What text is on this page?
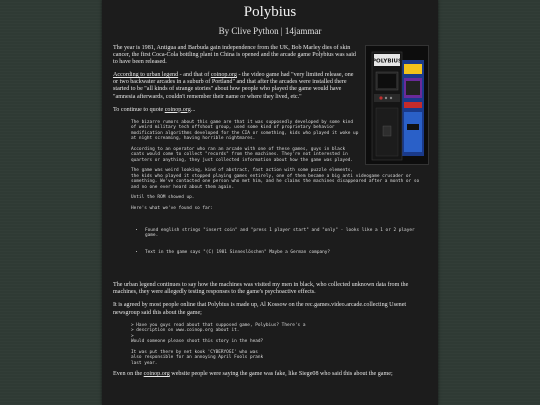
Polybius
By Clive Python | 14jammar
POLYBIUS

The year is 1981, Antigua and Barbuda gain independence from the UK, Bob Marley dies of skin cancer, the first Coca-Cola bottling plant in China is opened and the arcade game Polybius was said to have been released.

According to urban legend - and that of coinop.org - the video game had "very limited release, one or two backwater arcades in a suburb of Portland" and that after the arcades were installed there started to be "all kinds of strange stories" about how people who played the game would have "amnesia afterwards, couldn't remember their name or where they lived, etc."

To continue to quote coinop.org...

The bizarre rumors about this game are that it was supposedly developed by some kind of weird military tech offshoot group, used some kind of proprietary behavior modification algorithms developed for the CIA or something, kids who played it woke up at night screaming, having horrible nightmares.
According to an operator who ran an arcade with one of these games, guys in black coats would come to collect "records" from the machines. They're not interested in quarters or anything, they just collected information about how the game was played.
The game was weird looking, kind of abstract, fast action with some puzzle elements, the kids who played it stopped playing games entirely, one of them became a big anti videogame crusader or something. We've contacted one person who met him, and he claims the machines disappeared after a month or so and no one ever heard about them again.
Until the ROM showed up.
Here's what we've found so far:

• Found english strings "insert coin" and "press 1 player start" and "only" - looks like a 1 or 2 player game.

• Text in the game says "(C) 1981 Sinneslöschen" Maybe a German company?

The urban legend continues to say how the machines was visited my men in black, who collected unknown data from the machines, they were allegedly testing responses to the game's psychoactive effects.

It is agreed by most people online that Polybius is made up, Al Kossow on the rec.games.video.arcade.collecting Usenet newsgroup said this about the game;

> Have you guys read about that supposed game, Polybius? There's a
> description on www.coinop.org about it.
>
Would someone please shoot this story in the head?
It was put there by net kook 'CYBERYOGI' who was
also responsible for an annoying April Fools prank
last year.

Even on the coinop.org website people were saying the game was fake, like Siege08 who said this about the game;
